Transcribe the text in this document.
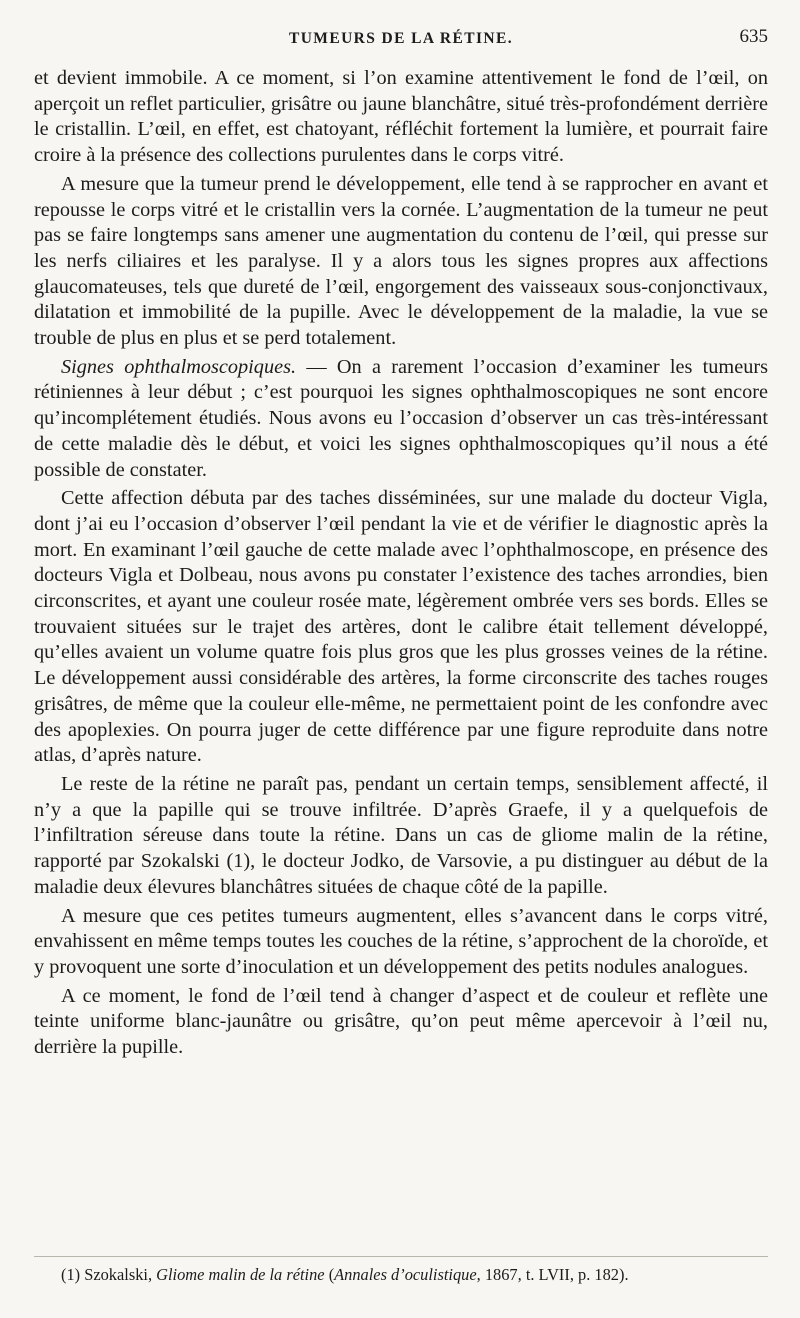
TUMEURS DE LA RÉTINE.	635

et devient immobile. A ce moment, si l’on examine attentivement le fond de l’œil, on aperçoit un reflet particulier, grisâtre ou jaune blanchâtre, situé très-profondément derrière le cristallin. L’œil, en effet, est chatoyant, réfléchit fortement la lumière, et pourrait faire croire à la présence des collections purulentes dans le corps vitré.

A mesure que la tumeur prend le développement, elle tend à se rapprocher en avant et repousse le corps vitré et le cristallin vers la cornée. L’augmentation de la tumeur ne peut pas se faire longtemps sans amener une augmentation du contenu de l’œil, qui presse sur les nerfs ciliaires et les paralyse. Il y a alors tous les signes propres aux affections glaucomateuses, tels que dureté de l’œil, engorgement des vaisseaux sous-conjonctivaux, dilatation et immobilité de la pupille. Avec le développement de la maladie, la vue se trouble de plus en plus et se perd totalement.

Signes ophthalmoscopiques. — On a rarement l’occasion d’examiner les tumeurs rétiniennes à leur début ; c’est pourquoi les signes ophthalmoscopiques ne sont encore qu’incomplétement étudiés. Nous avons eu l’occasion d’observer un cas très-intéressant de cette maladie dès le début, et voici les signes ophthalmoscopiques qu’il nous a été possible de constater.

Cette affection débuta par des taches disséminées, sur une malade du docteur Vigla, dont j’ai eu l’occasion d’observer l’œil pendant la vie et de vérifier le diagnostic après la mort. En examinant l’œil gauche de cette malade avec l’ophthalmoscope, en présence des docteurs Vigla et Dolbeau, nous avons pu constater l’existence des taches arrondies, bien circonscrites, et ayant une couleur rosée mate, légèrement ombrée vers ses bords. Elles se trouvaient situées sur le trajet des artères, dont le calibre était tellement développé, qu’elles avaient un volume quatre fois plus gros que les plus grosses veines de la rétine. Le développement aussi considérable des artères, la forme circonscrite des taches rouges grisâtres, de même que la couleur elle-même, ne permettaient point de les confondre avec des apoplexies. On pourra juger de cette différence par une figure reproduite dans notre atlas, d’après nature.

Le reste de la rétine ne paraît pas, pendant un certain temps, sensiblement affecté, il n’y a que la papille qui se trouve infiltrée. D’après Graefe, il y a quelquefois de l’infiltration séreuse dans toute la rétine. Dans un cas de gliome malin de la rétine, rapporté par Szokalski (1), le docteur Jodko, de Varsovie, a pu distinguer au début de la maladie deux élevures blanchâtres situées de chaque côté de la papille.

A mesure que ces petites tumeurs augmentent, elles s’avancent dans le corps vitré, envahissent en même temps toutes les couches de la rétine, s’approchent de la choroïde, et y provoquent une sorte d’inoculation et un développement des petits nodules analogues.

A ce moment, le fond de l’œil tend à changer d’aspect et de couleur et reflète une teinte uniforme blanc-jaunâtre ou grisâtre, qu’on peut même apercevoir à l’œil nu, derrière la pupille.

(1) Szokalski, Gliome malin de la rétine (Annales d’oculistique, 1867, t. LVII, p. 182).
